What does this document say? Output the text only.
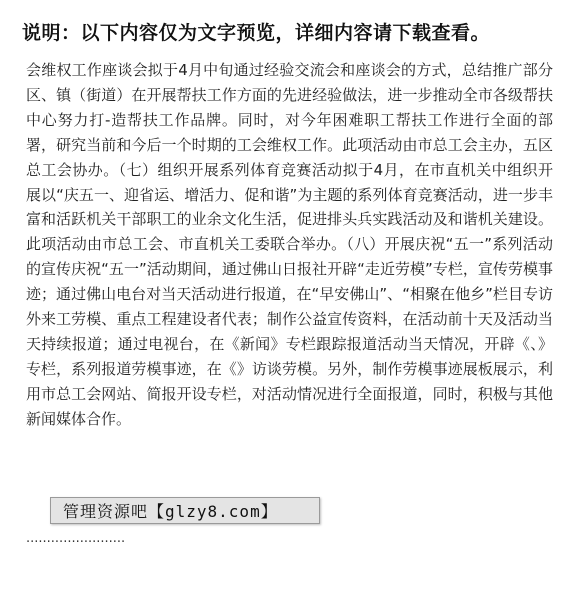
说明：以下内容仅为文字预览，详细内容请下载查看。
会维权工作座谈会拟于4月中旬通过经验交流会和座谈会的方式，总结推广部分区、镇（街道）在开展帮扶工作方面的先进经验做法，进一步推动全市各级帮扶中心努力打-造帮扶工作品牌。同时，对今年困难职工帮扶工作进行全面的部署，研究当前和今后一个时期的工会维权工作。此项活动由市总工会主办，五区总工会协办。（七）组织开展系列体育竞赛活动拟于4月，在市直机关中组织开展以“庆五一、迎省运、增活力、促和谐”为主题的系列体育竞赛活动，进一步丰富和活跃机关干部职工的业余文化生活，促进排头兵实践活动及和谐机关建设。此项活动由市总工会、市直机关工委联合举办。（八）开展庆祝“五一”系列活动的宣传庆祝“五一”活动期间，通过佛山日报社开辟“走近劳模”专栏，宣传劳模事迹；通过佛山电台对当天活动进行报道，在“早安佛山”、“相聚在他乡”栏目专访外来工劳模、重点工程建设者代表；制作公益宣传资料，在活动前十天及活动当天持续报道；通过电视台，在《新闻》专栏跟踪报道活动当天情况，开辟《、》专栏，系列报道劳模事迹，在《》访谈劳模。另外，制作劳模事迹展板展示，利用市总工会网站、简报开设专栏，对活动情况进行全面报道，同时，积极与其他新闻媒体合作。
管理资源吧【glzy8.com】
························
